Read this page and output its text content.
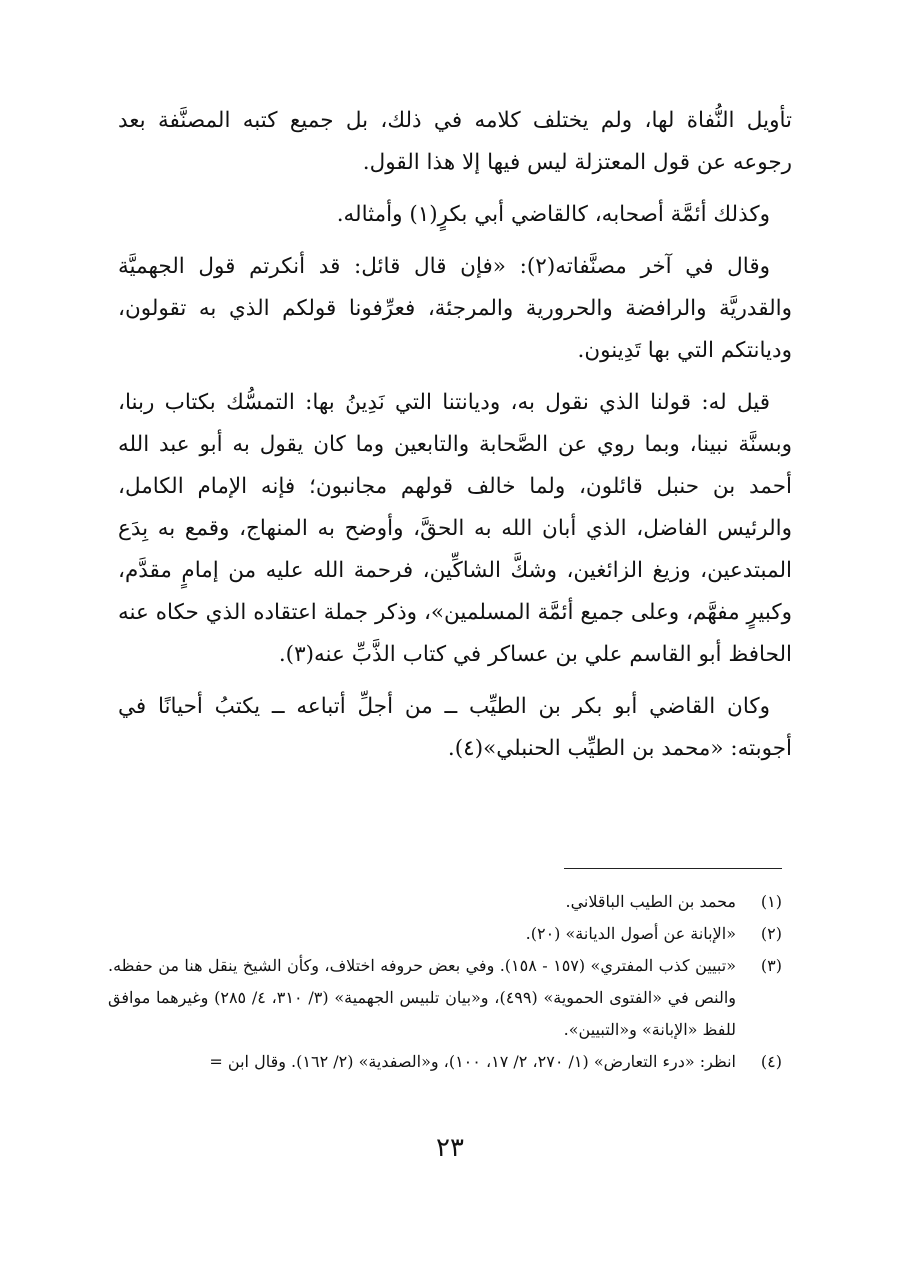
تأويل النُّفاة لها، ولم يختلف كلامه في ذلك، بل جميع كتبه المصنَّفة بعد رجوعه عن قول المعتزلة ليس فيها إلا هذا القول.

وكذلك أئمَّة أصحابه، كالقاضي أبي بكرٍ(١) وأمثاله.

وقال في آخر مصنَّفاته(٢): «فإن قال قائل: قد أنكرتم قول الجهميَّة والقدريَّة والرافضة والحرورية والمرجئة، فعرِّفونا قولكم الذي به تقولون، وديانتكم التي بها تَدِينون.

قيل له: قولنا الذي نقول به، وديانتنا التي نَدِينُ بها: التمسُّك بكتاب ربنا، وبسنَّة نبينا، وبما روي عن الصَّحابة والتابعين وما كان يقول به أبو عبد الله أحمد بن حنبل قائلون، ولما خالف قولهم مجانبون؛ فإنه الإمام الكامل، والرئيس الفاضل، الذي أبان الله به الحقَّ، وأوضح به المنهاج، وقمع به بِدَع المبتدعين، وزيغ الزائغين، وشكَّ الشاكِّين، فرحمة الله عليه من إمامٍ مقدَّم، وكبيرٍ مفهَّم، وعلى جميع أئمَّة المسلمين»، وذكر جملة اعتقاده الذي حكاه عنه الحافظ أبو القاسم علي بن عساكر في كتاب الذَّبِّ عنه(٣).

وكان القاضي أبو بكر بن الطيِّب ــ من أجلِّ أتباعه ــ يكتبُ أحيانًا في أجوبته: «محمد بن الطيِّب الحنبلي»(٤).

(١)
محمد بن الطيب الباقلاني.
(٢)
«الإبانة عن أصول الديانة» (٢٠).
(٣)
«تبيين كذب المفتري» (١٥٧ - ١٥٨). وفي بعض حروفه اختلاف، وكأن الشيخ ينقل هنا من حفظه. والنص في «الفتوى الحموية» (٤٩٩)، و«بيان تلبيس الجهمية» (٣/ ٣١٠، ٤/ ٢٨٥) وغيرهما موافق للفظ «الإبانة» و«التبيين».
(٤)
انظر: «درء التعارض» (١/ ٢٧٠، ٢/ ١٧، ١٠٠)، و«الصفدية» (٢/ ١٦٢). وقال ابن =
٢٣
